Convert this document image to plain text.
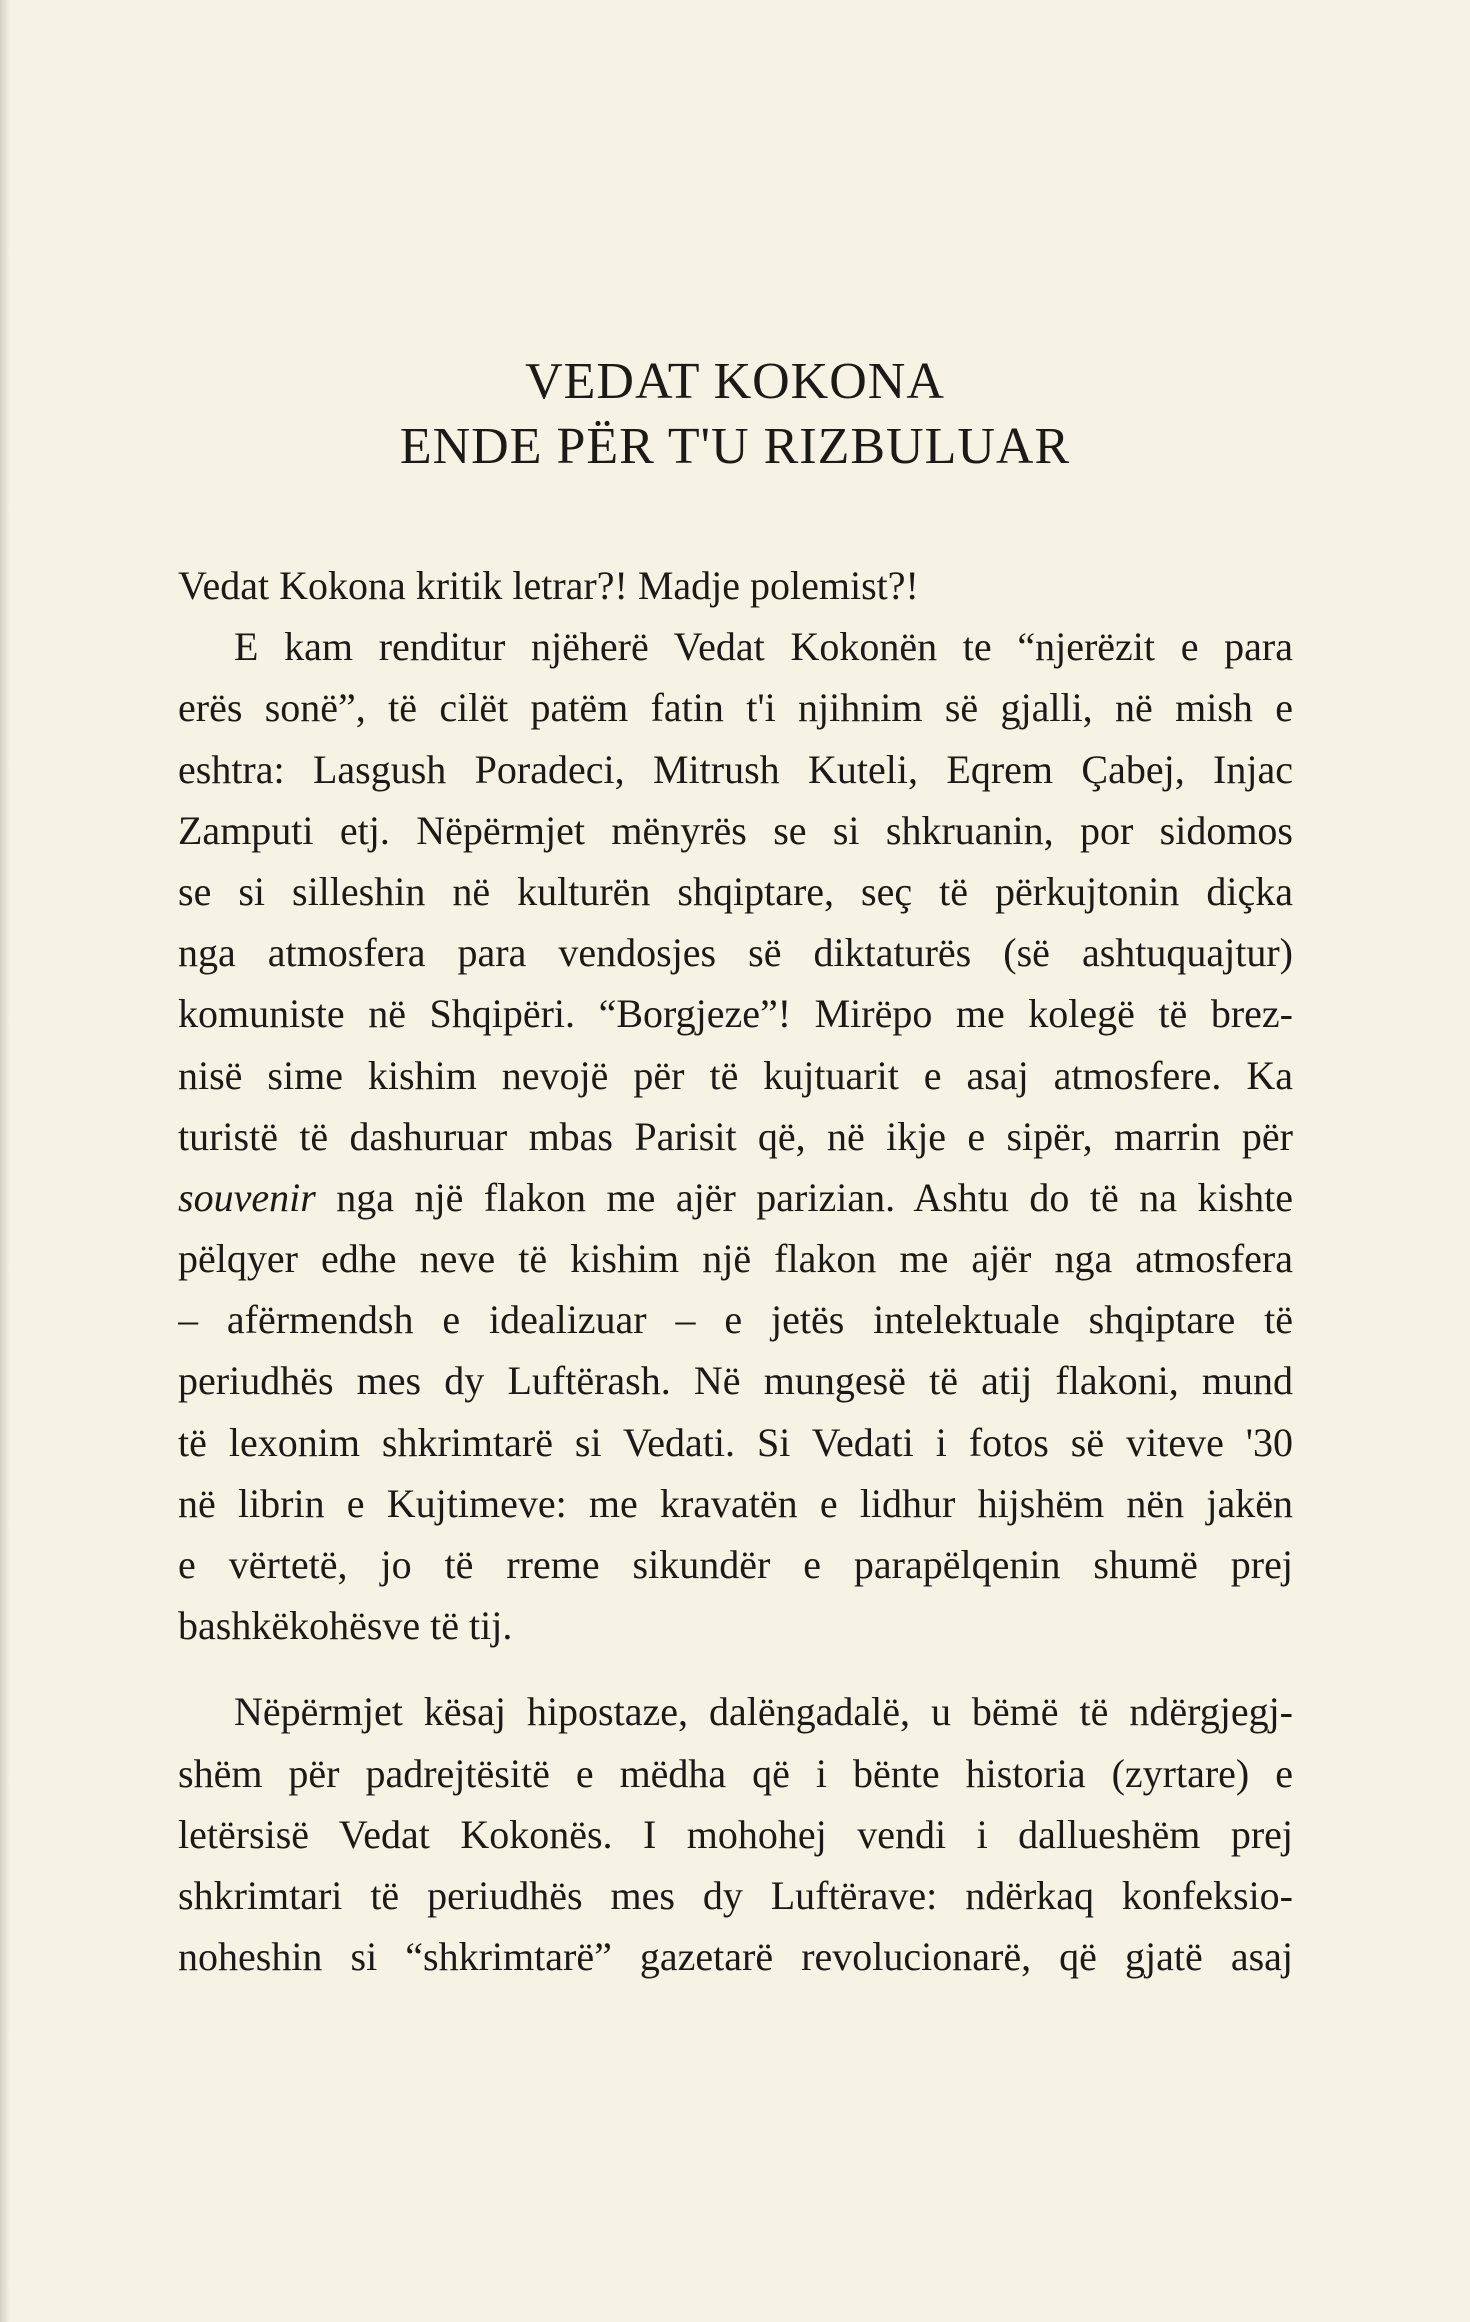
VEDAT KOKONA
ENDE PËR T'U RIZBULUAR
Vedat Kokona kritik letrar?! Madje polemist?!
E kam renditur njëherë Vedat Kokonën te “njerëzit e para
erës sonë”, të cilët patëm fatin t'i njihnim së gjalli, në mish e
eshtra: Lasgush Poradeci, Mitrush Kuteli, Eqrem Çabej, Injac
Zamputi etj. Nëpërmjet mënyrës se si shkruanin, por sidomos
se si silleshin në kulturën shqiptare, seç të përkujtonin diçka
nga atmosfera para vendosjes së diktaturës (së ashtuquajtur)
komuniste në Shqipëri. “Borgjeze”! Mirëpo me kolegë të brez-
nisë sime kishim nevojë për të kujtuarit e asaj atmosfere. Ka
turistë të dashuruar mbas Parisit që, në ikje e sipër, marrin për
souvenir nga një flakon me ajër parizian. Ashtu do të na kishte
pëlqyer edhe neve të kishim një flakon me ajër nga atmosfera
– afërmendsh e idealizuar – e jetës intelektuale shqiptare të
periudhës mes dy Luftërash. Në mungesë të atij flakoni, mund
të lexonim shkrimtarë si Vedati. Si Vedati i fotos së viteve '30
në librin e Kujtimeve: me kravatën e lidhur hijshëm nën jakën
e vërtetë, jo të rreme sikundër e parapëlqenin shumë prej
bashkëkohësve të tij.
Nëpërmjet kësaj hipostaze, dalëngadalë, u bëmë të ndërgjegj-
shëm për padrejtësitë e mëdha që i bënte historia (zyrtare) e
letërsisë Vedat Kokonës. I mohohej vendi i dallueshëm prej
shkrimtari të periudhës mes dy Luftërave: ndërkaq konfeksio-
noheshin si “shkrimtarë” gazetarë revolucionarë, që gjatë asaj
